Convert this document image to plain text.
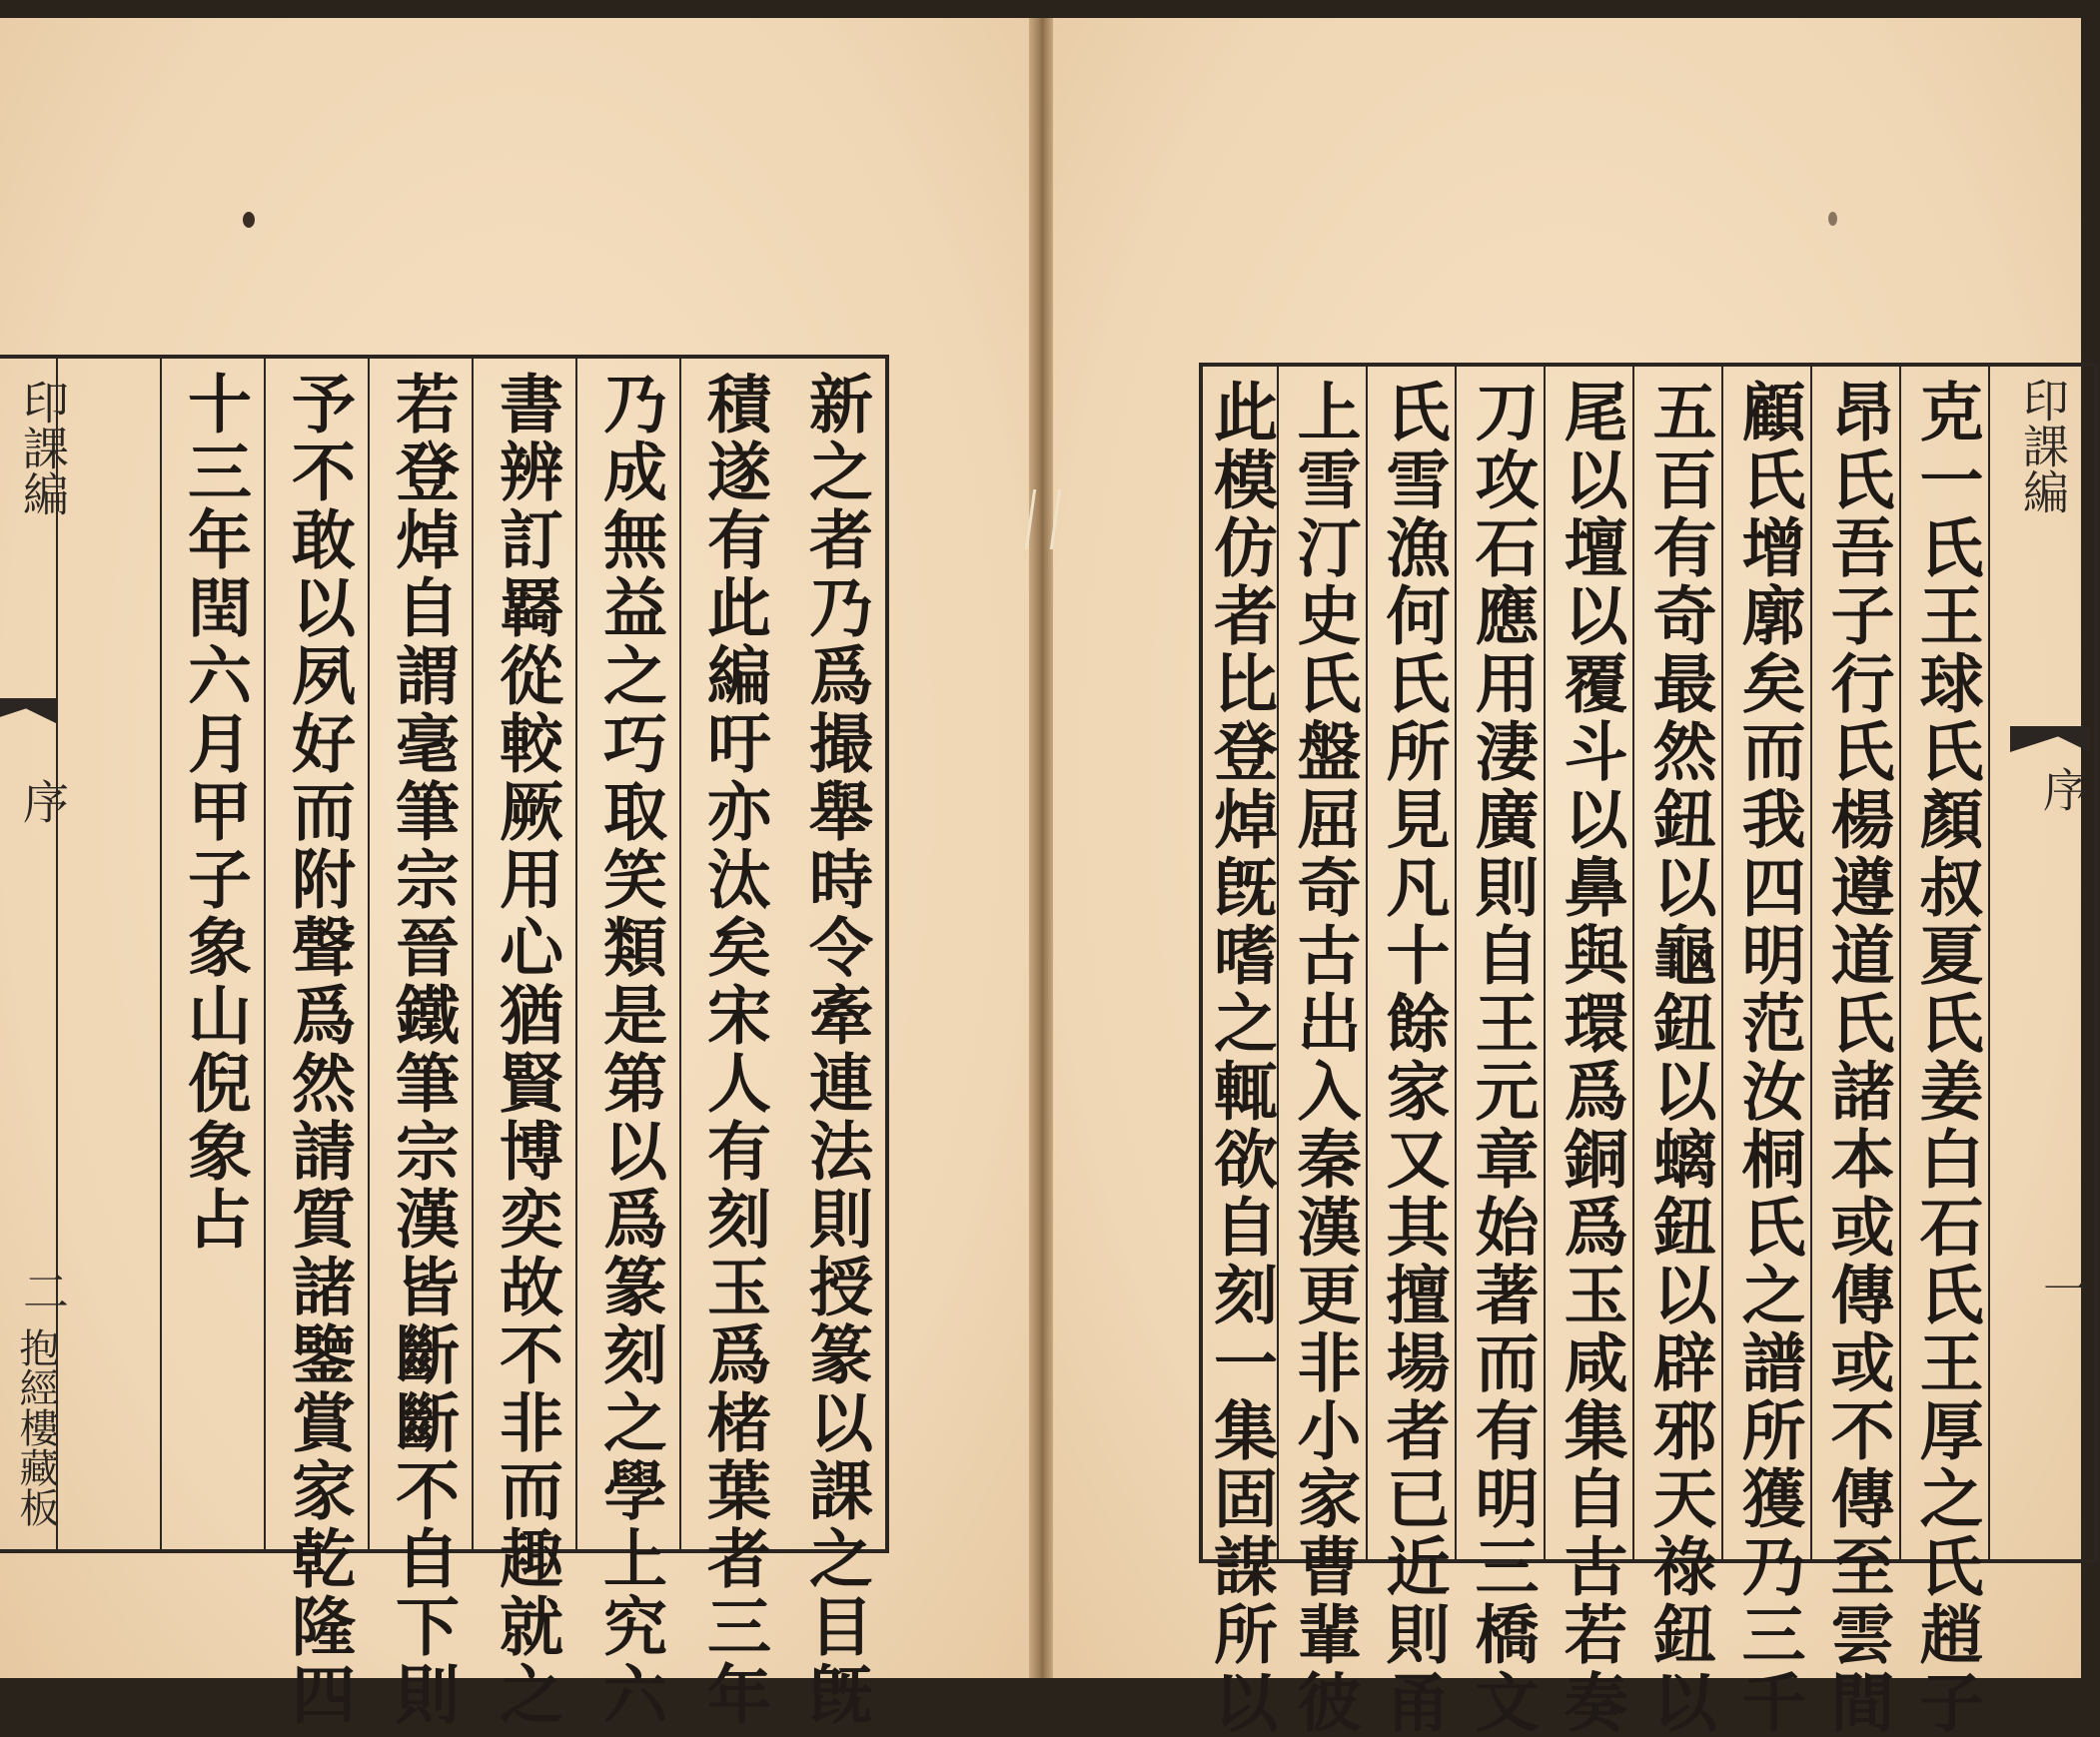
新之者乃爲撮舉時令牽連法則授篆以課之目旣
積遂有此編吁亦汰矣宋人有刻玉爲楮葉者三年
乃成無益之巧取笑類是第以爲篆刻之學上究六
書辨訂羇從較厥用心猶賢博奕故不非而趣就之
若登焯自謂毫筆宗晉鐵筆宗漢皆斷斷不自下則
予不敢以夙好而附聲爲然請質諸鑒賞家乾隆四
十三年閏六月甲子象山倪象占
印課編
序
二
抱經樓藏板
印課編
序
一
克一氏王球氏顏叔夏氏姜白石氏王厚之氏趙子
昂氏吾子行氏楊遵道氏諸本或傳或不傳至雲間
顧氏增廓矣而我四明范汝桐氏之譜所獲乃三千
五百有奇最然鈕以龜鈕以螭鈕以辟邪天祿鈕以
尾以壇以覆斗以鼻與環爲銅爲玉咸集自古若奏
刀攻石應用淒廣則自王元章始著而有明三橋文
氏雪漁何氏所見凡十餘家又其擅場者已近則甬
上雪汀史氏盤屈奇古出入秦漢更非小家曹輩彼
此模仿者比登焯旣嗜之輒欲自刻一集固謀所以
